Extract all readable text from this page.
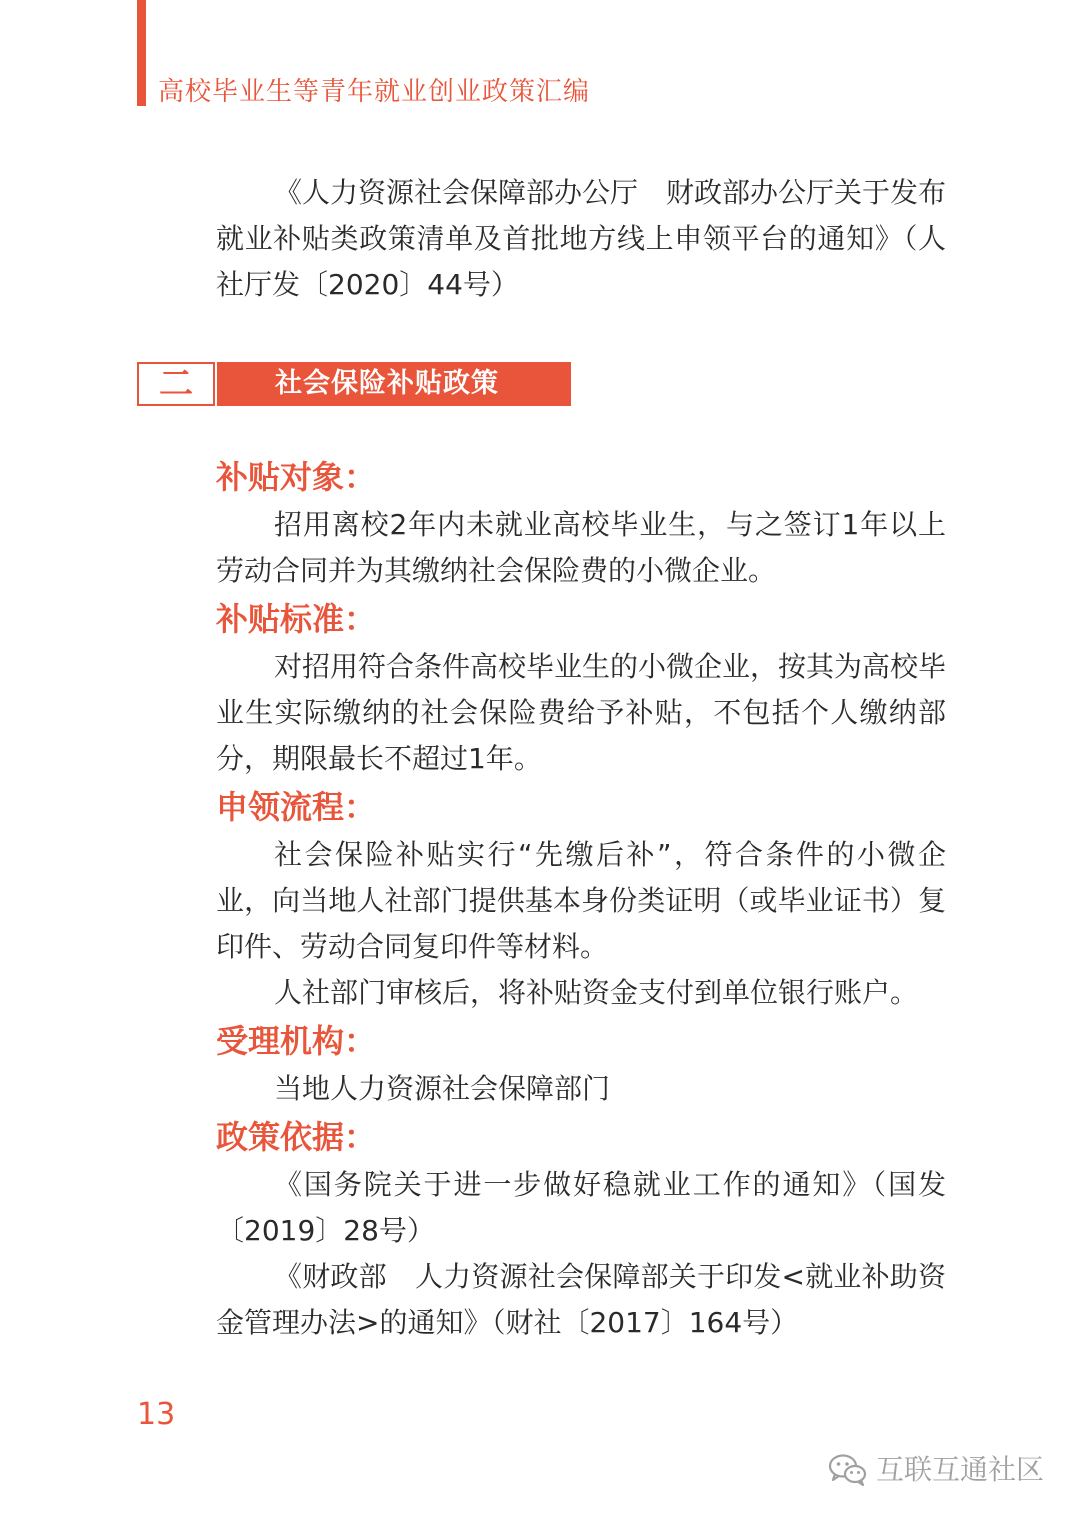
高校毕业生等青年就业创业政策汇编

《人力资源社会保障部办公厅　财政部办公厅关于发布就业补贴类政策清单及首批地方线上申领平台的通知》（人社厅发〔2020〕44号）

二	社会保险补贴政策
补贴对象：

招用离校2年内未就业高校毕业生，与之签订1年以上劳动合同并为其缴纳社会保险费的小微企业。

补贴标准：

对招用符合条件高校毕业生的小微企业，按其为高校毕业生实际缴纳的社会保险费给予补贴，不包括个人缴纳部分，期限最长不超过1年。

申领流程：

社会保险补贴实行“先缴后补”，符合条件的小微企业，向当地人社部门提供基本身份类证明（或毕业证书）复印件、劳动合同复印件等材料。

人社部门审核后，将补贴资金支付到单位银行账户。

受理机构：

当地人力资源社会保障部门

政策依据：

《国务院关于进一步做好稳就业工作的通知》（国发〔2019〕28号）

《财政部　人力资源社会保障部关于印发<就业补助资金管理办法>的通知》（财社〔2017〕164号）

13
互联互通社区
